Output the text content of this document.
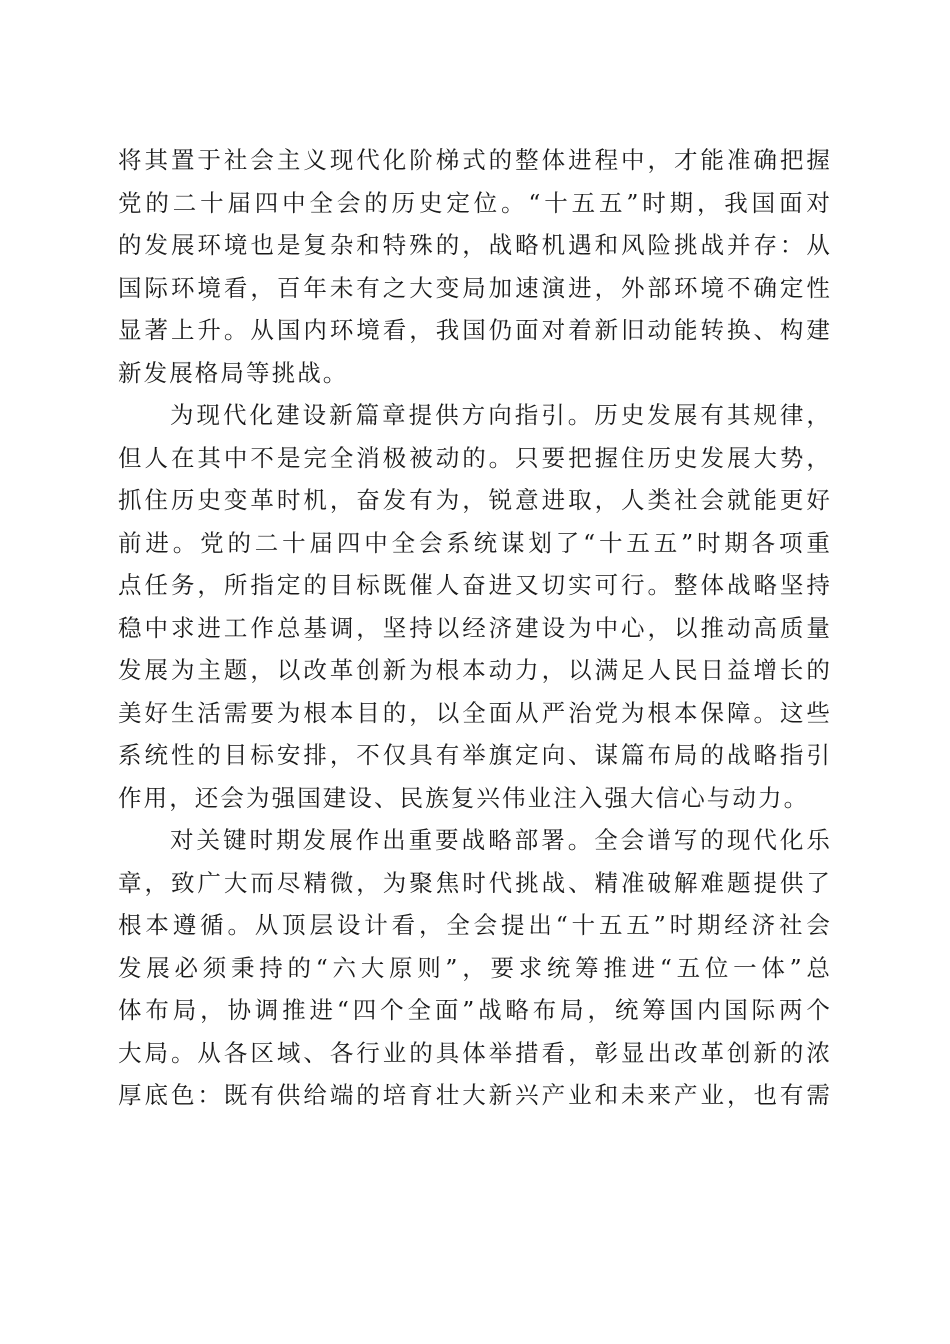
将其置于社会主义现代化阶梯式的整体进程中，才能准确把握
党的二十届四中全会的历史定位。“十五五”时期，我国面对
的发展环境也是复杂和特殊的，战略机遇和风险挑战并存：从
国际环境看，百年未有之大变局加速演进，外部环境不确定性
显著上升。从国内环境看，我国仍面对着新旧动能转换、构建
新发展格局等挑战。
为现代化建设新篇章提供方向指引。历史发展有其规律，
但人在其中不是完全消极被动的。只要把握住历史发展大势，
抓住历史变革时机，奋发有为，锐意进取，人类社会就能更好
前进。党的二十届四中全会系统谋划了“十五五”时期各项重
点任务，所指定的目标既催人奋进又切实可行。整体战略坚持
稳中求进工作总基调，坚持以经济建设为中心，以推动高质量
发展为主题，以改革创新为根本动力，以满足人民日益增长的
美好生活需要为根本目的，以全面从严治党为根本保障。这些
系统性的目标安排，不仅具有举旗定向、谋篇布局的战略指引
作用，还会为强国建设、民族复兴伟业注入强大信心与动力。
对关键时期发展作出重要战略部署。全会谱写的现代化乐
章，致广大而尽精微，为聚焦时代挑战、精准破解难题提供了
根本遵循。从顶层设计看，全会提出“十五五”时期经济社会
发展必须秉持的“六大原则”，要求统筹推进“五位一体”总
体布局，协调推进“四个全面”战略布局，统筹国内国际两个
大局。从各区域、各行业的具体举措看，彰显出改革创新的浓
厚底色：既有供给端的培育壮大新兴产业和未来产业，也有需
